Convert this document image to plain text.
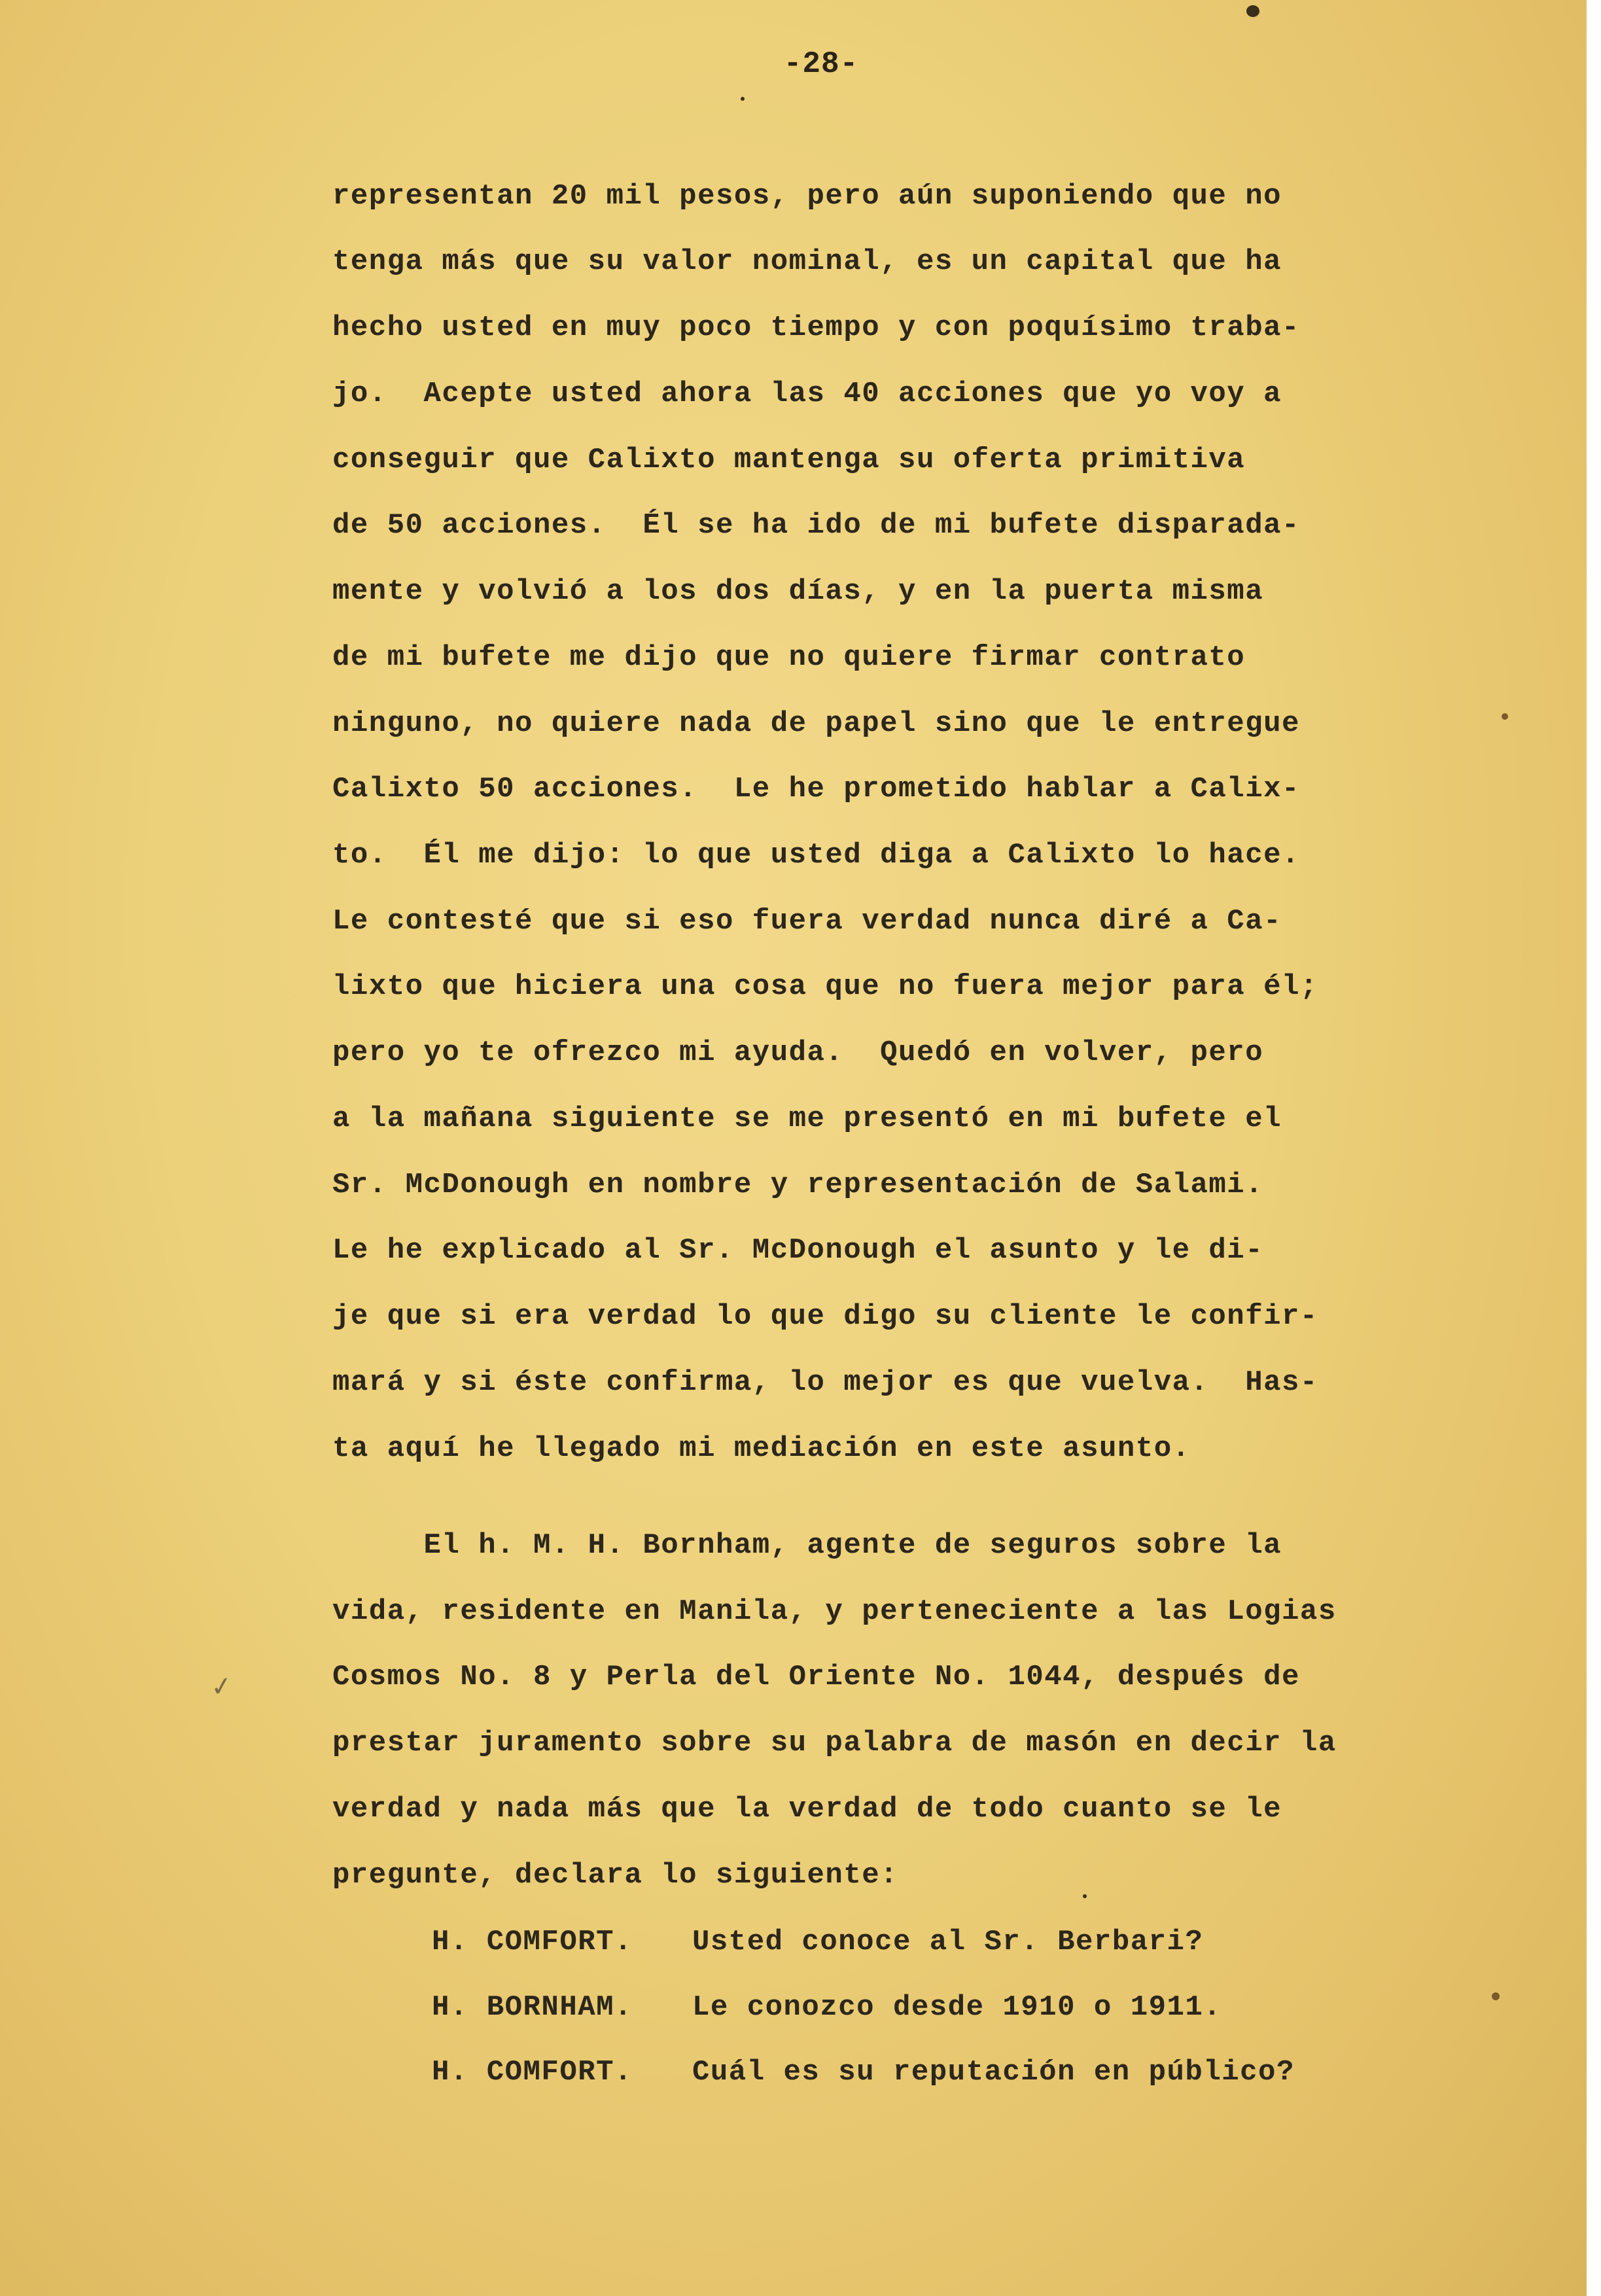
-28-
representan 20 mil pesos, pero aún suponiendo que no
tenga más que su valor nominal, es un capital que ha
hecho usted en muy poco tiempo y con poquísimo traba-
jo.  Acepte usted ahora las 40 acciones que yo voy a
conseguir que Calixto mantenga su oferta primitiva
de 50 acciones.  Él se ha ido de mi bufete disparada-
mente y volvió a los dos días, y en la puerta misma
de mi bufete me dijo que no quiere firmar contrato
ninguno, no quiere nada de papel sino que le entregue
Calixto 50 acciones.  Le he prometido hablar a Calix-
to.  Él me dijo: lo que usted diga a Calixto lo hace.
Le contesté que si eso fuera verdad nunca diré a Ca-
lixto que hiciera una cosa que no fuera mejor para él;
pero yo te ofrezco mi ayuda.  Quedó en volver, pero
a la mañana siguiente se me presentó en mi bufete el
Sr. McDonough en nombre y representación de Salami.
Le he explicado al Sr. McDonough el asunto y le di-
je que si era verdad lo que digo su cliente le confir-
mará y si éste confirma, lo mejor es que vuelva.  Has-
ta aquí he llegado mi mediación en este asunto.
El h. M. H. Bornham, agente de seguros sobre la
vida, residente en Manila, y perteneciente a las Logias
Cosmos No. 8 y Perla del Oriente No. 1044, después de
prestar juramento sobre su palabra de masón en decir la
verdad y nada más que la verdad de todo cuanto se le
pregunte, declara lo siguiente:
H. COMFORT. Usted conoce al Sr. Berbari?
H. BORNHAM. Le conozco desde 1910 o 1911.
H. COMFORT. Cuál es su reputación en público?
✓
